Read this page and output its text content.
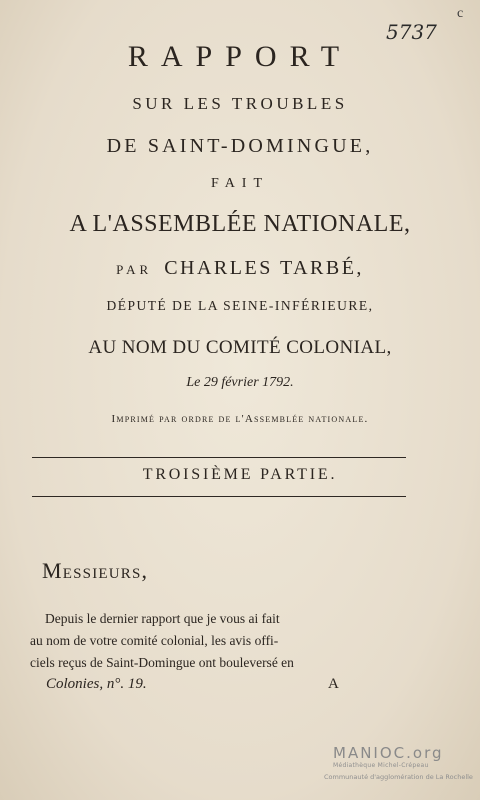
5737
c
RAPPORT
SUR LES TROUBLES
DE SAINT-DOMINGUE,
FAIT
A L'ASSEMBLÉE NATIONALE,
PAR CHARLES TARBÉ,
DÉPUTÉ DE LA SEINE-INFÉRIEURE,
AU NOM DU COMITÉ COLONIAL,
Le 29 février 1792.
Imprimé par ordre de l'Assemblée nationale.
TROISIÈME PARTIE.
Messieurs,
Depuis le dernier rapport que je vous ai fait
au nom de votre comité colonial, les avis offi-
ciels reçus de Saint-Domingue ont bouleversé en
Colonies, n°. 19.	A
MANIOC.org
Médiathèque Michel-Crépeau
Communauté d'agglomération de La Rochelle
